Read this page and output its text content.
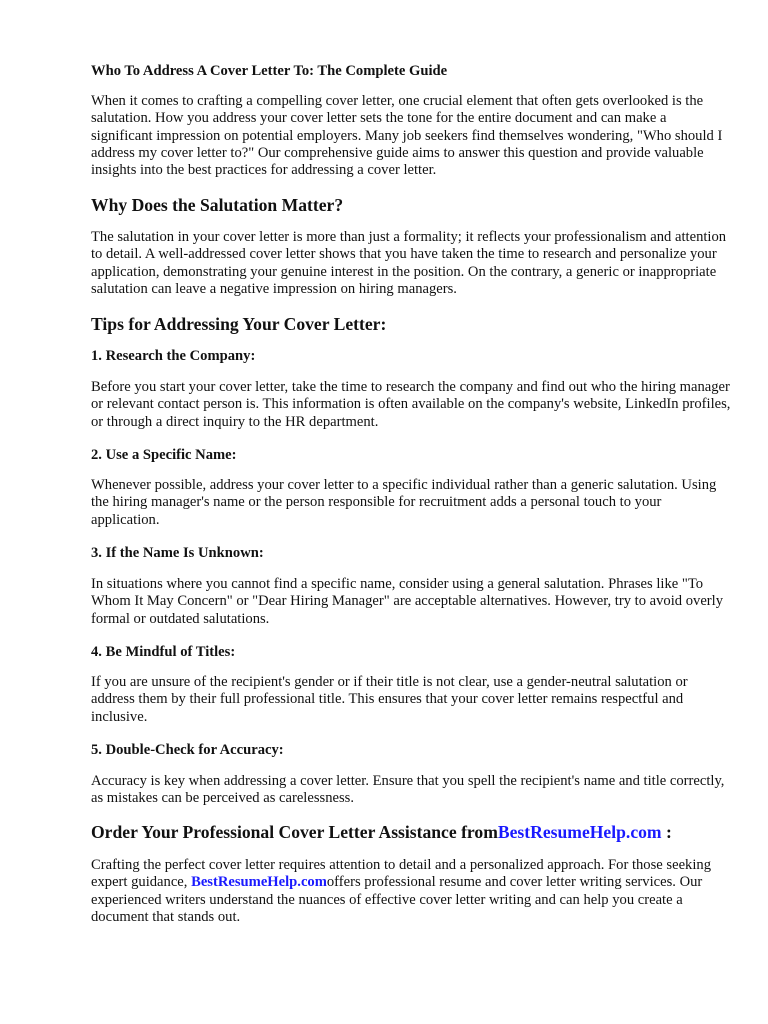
Who To Address A Cover Letter To: The Complete Guide

When it comes to crafting a compelling cover letter, one crucial element that often gets overlooked is the salutation. How you address your cover letter sets the tone for the entire document and can make a significant impression on potential employers. Many job seekers find themselves wondering, "Who should I address my cover letter to?" Our comprehensive guide aims to answer this question and provide valuable insights into the best practices for addressing a cover letter.

Why Does the Salutation Matter?

The salutation in your cover letter is more than just a formality; it reflects your professionalism and attention to detail. A well-addressed cover letter shows that you have taken the time to research and personalize your application, demonstrating your genuine interest in the position. On the contrary, a generic or inappropriate salutation can leave a negative impression on hiring managers.

Tips for Addressing Your Cover Letter:
1. Research the Company:

Before you start your cover letter, take the time to research the company and find out who the hiring manager or relevant contact person is. This information is often available on the company's website, LinkedIn profiles, or through a direct inquiry to the HR department.

2. Use a Specific Name:

Whenever possible, address your cover letter to a specific individual rather than a generic salutation. Using the hiring manager's name or the person responsible for recruitment adds a personal touch to your application.

3. If the Name Is Unknown:

In situations where you cannot find a specific name, consider using a general salutation. Phrases like "To Whom It May Concern" or "Dear Hiring Manager" are acceptable alternatives. However, try to avoid overly formal or outdated salutations.

4. Be Mindful of Titles:

If you are unsure of the recipient's gender or if their title is not clear, use a gender-neutral salutation or address them by their full professional title. This ensures that your cover letter remains respectful and inclusive.

5. Double-Check for Accuracy:

Accuracy is key when addressing a cover letter. Ensure that you spell the recipient's name and title correctly, as mistakes can be perceived as carelessness.

Order Your Professional Cover Letter Assistance fromBestResumeHelp.com :

Crafting the perfect cover letter requires attention to detail and a personalized approach. For those seeking expert guidance, BestResumeHelp.comoffers professional resume and cover letter writing services. Our experienced writers understand the nuances of effective cover letter writing and can help you create a document that stands out.
